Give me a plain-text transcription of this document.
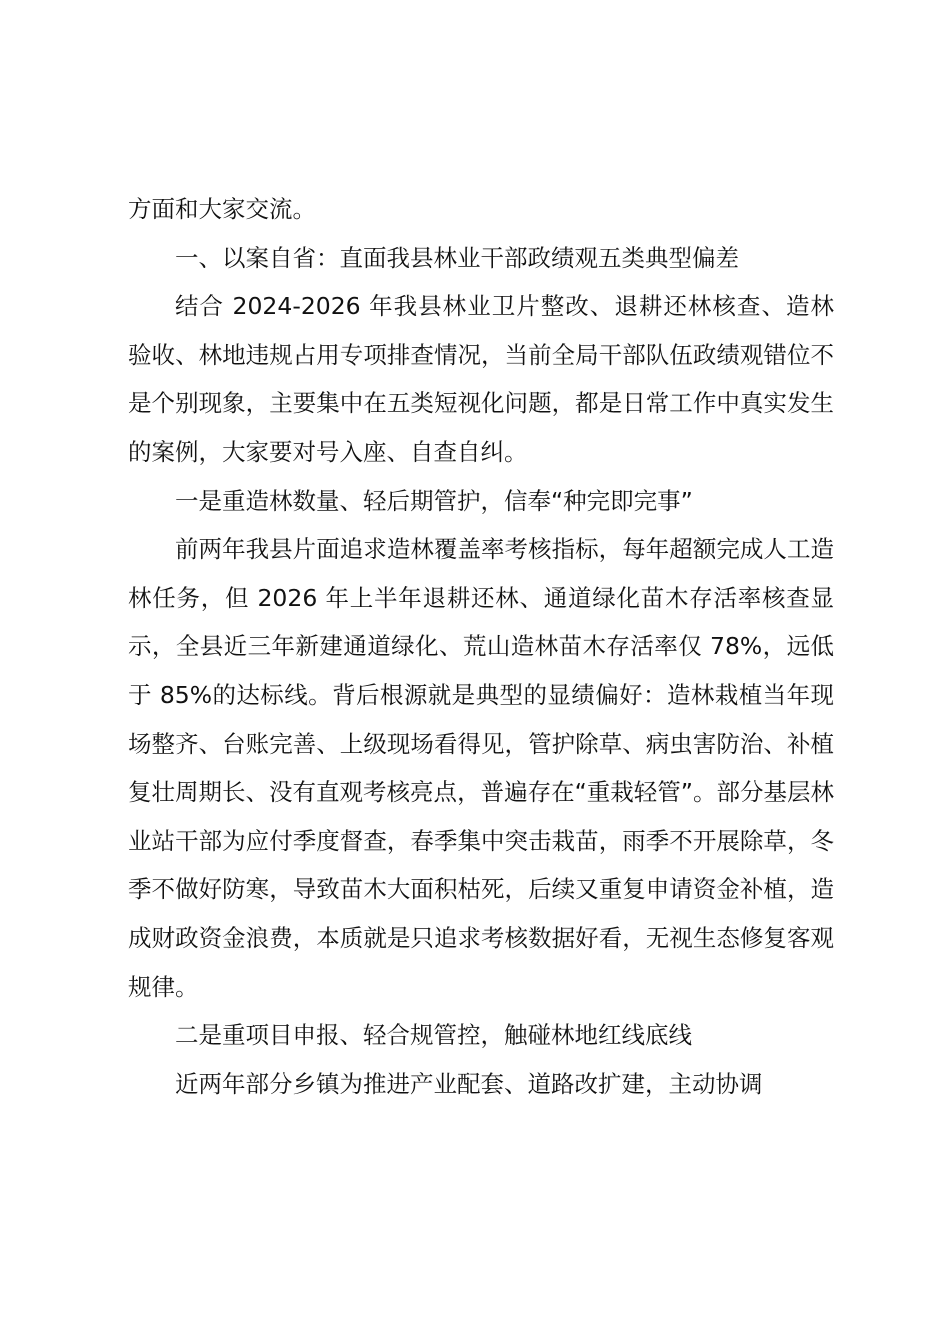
方面和大家交流。

一、以案自省：直面我县林业干部政绩观五类典型偏差

结合 2024-2026 年我县林业卫片整改、退耕还林核查、造林验收、林地违规占用专项排查情况，当前全局干部队伍政绩观错位不是个别现象，主要集中在五类短视化问题，都是日常工作中真实发生的案例，大家要对号入座、自查自纠。

一是重造林数量、轻后期管护，信奉“种完即完事”

前两年我县片面追求造林覆盖率考核指标，每年超额完成人工造林任务，但 2026 年上半年退耕还林、通道绿化苗木存活率核查显示，全县近三年新建通道绿化、荒山造林苗木存活率仅 78%，远低于 85%的达标线。背后根源就是典型的显绩偏好：造林栽植当年现场整齐、台账完善、上级现场看得见，管护除草、病虫害防治、补植复壮周期长、没有直观考核亮点，普遍存在“重栽轻管”。部分基层林业站干部为应付季度督查，春季集中突击栽苗，雨季不开展除草，冬季不做好防寒，导致苗木大面积枯死，后续又重复申请资金补植，造成财政资金浪费，本质就是只追求考核数据好看，无视生态修复客观规律。

二是重项目申报、轻合规管控，触碰林地红线底线

近两年部分乡镇为推进产业配套、道路改扩建，主动协调
